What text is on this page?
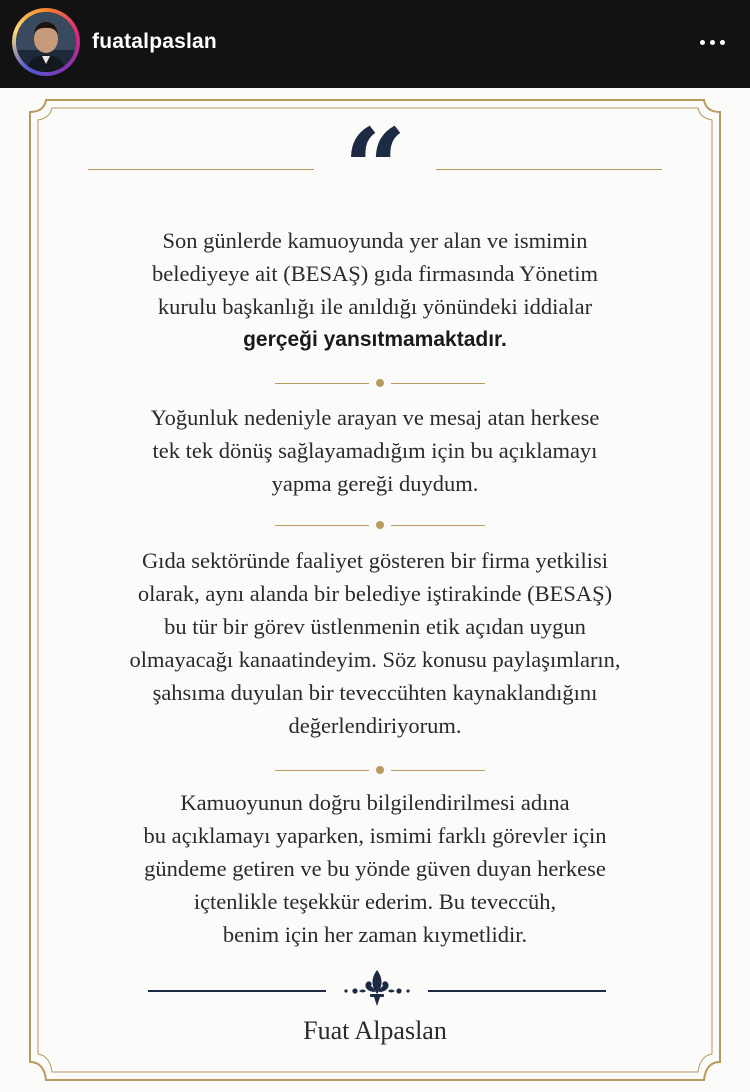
fuatalpaslan
“
Son günlerde kamuoyunda yer alan ve ismimin
belediyeye ait (BESAŞ) gıda firmasında Yönetim
kurulu başkanlığı ile anıldığı yönündeki iddialar
gerçeği yansıtmamaktadır.
Yoğunluk nedeniyle arayan ve mesaj atan herkese
tek tek dönüş sağlayamadığım için bu açıklamayı
yapma gereği duydum.
Gıda sektöründe faaliyet gösteren bir firma yetkilisi
olarak, aynı alanda bir belediye iştirakinde (BESAŞ)
bu tür bir görev üstlenmenin etik açıdan uygun
olmayacağı kanaatindeyim. Söz konusu paylaşımların,
şahsıma duyulan bir teveccühten kaynaklandığını
değerlendiriyorum.
Kamuoyunun doğru bilgilendirilmesi adına
bu açıklamayı yaparken, ismimi farklı görevler için
gündeme getiren ve bu yönde güven duyan herkese
içtenlikle teşekkür ederim. Bu teveccüh,
benim için her zaman kıymetlidir.
Fuat Alpaslan
